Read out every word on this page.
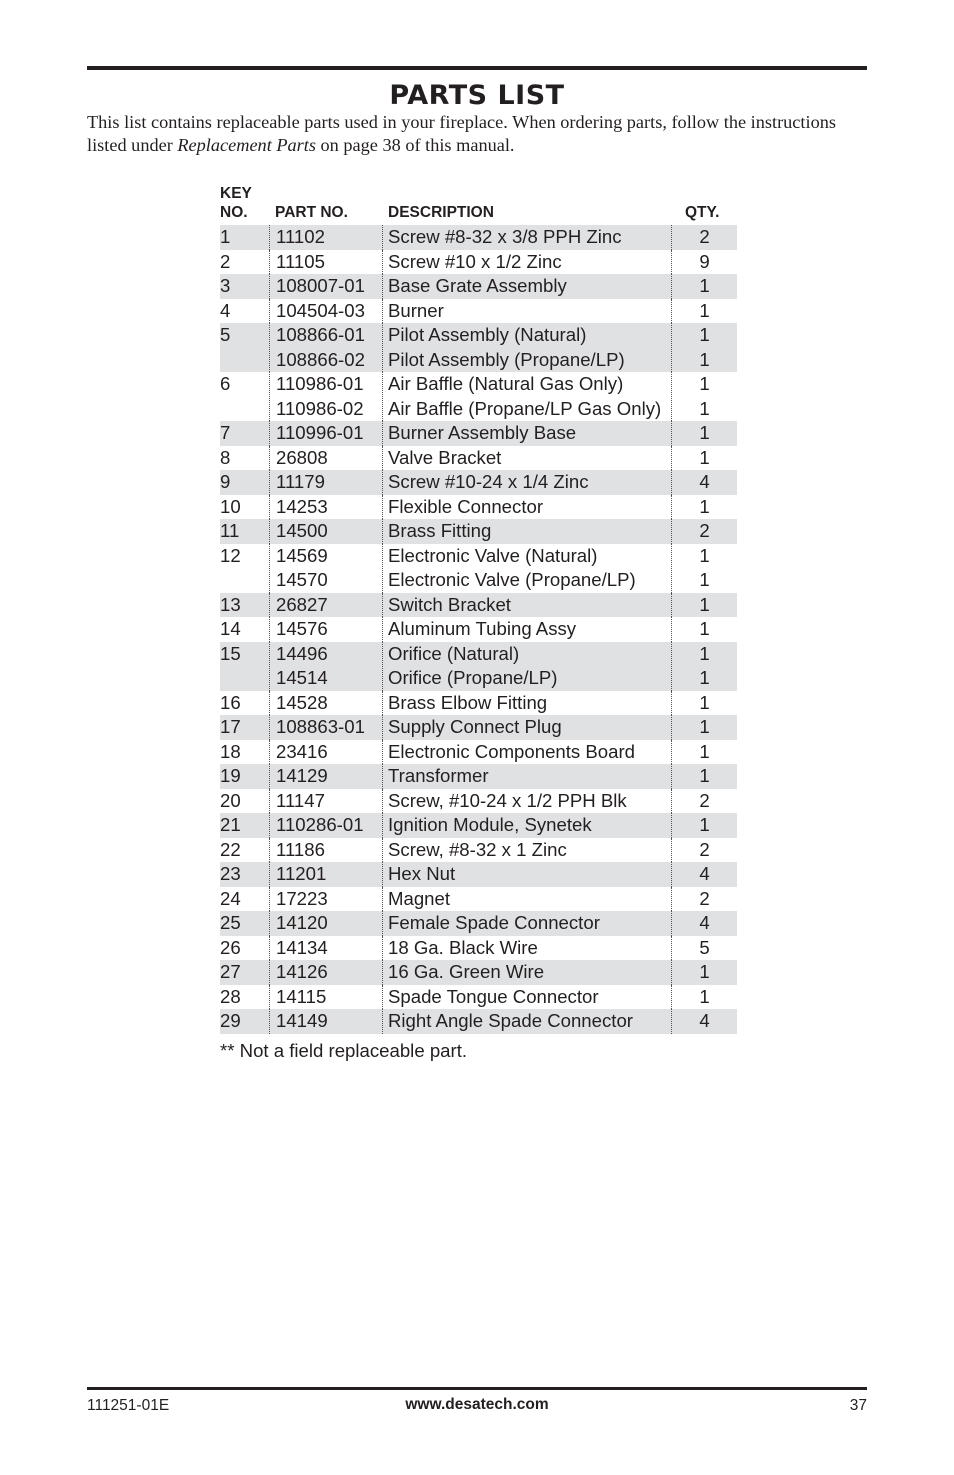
PARTS LIST

This list contains replaceable parts used in your fireplace. When ordering parts, follow the instructions listed under Replacement Parts on page 38 of this manual.

KEY
NO. PART NO.	DESCRIPTION	QTY.
1 11102	Screw #8-32 x 3/8 PPH Zinc	2
2 11105	Screw #10 x 1/2 Zinc	9
3 108007-01 Base Grate Assembly	1
4 104504-03 Burner	1
5 108866-01 Pilot Assembly (Natural)	1
108866-02 Pilot Assembly (Propane/LP)	1
6 110986-01 Air Baffle (Natural Gas Only)	1
110986-02 Air Baffle (Propane/LP Gas Only)	1
7 110996-01 Burner Assembly Base	1
8 26808	Valve Bracket	1
9 11179	Screw #10-24 x 1/4 Zinc	4
10 14253	Flexible Connector	1
11 14500	Brass Fitting	2
12 14569	Electronic Valve (Natural)	1
14570	Electronic Valve (Propane/LP)	1
13 26827	Switch Bracket	1
14 14576	Aluminum Tubing Assy	1
15 14496	Orifice (Natural)	1
14514	Orifice (Propane/LP)	1
16 14528	Brass Elbow Fitting	1
17 108863-01 Supply Connect Plug	1
18 23416	Electronic Components Board	1
19 14129	Transformer	1
20 11147	Screw, #10-24 x 1/2 PPH Blk	2
21 110286-01 Ignition Module, Synetek	1
22 11186	Screw, #8-32 x 1 Zinc	2
23 11201	Hex Nut	4
24 17223	Magnet	2
25 14120	Female Spade Connector	4
26 14134	18 Ga. Black Wire	5
27 14126	16 Ga. Green Wire	1
28 14115	Spade Tongue Connector	1
29 14149	Right Angle Spade Connector	4
** Not a field replaceable part.
111251-01E	www.desatech.com	37
